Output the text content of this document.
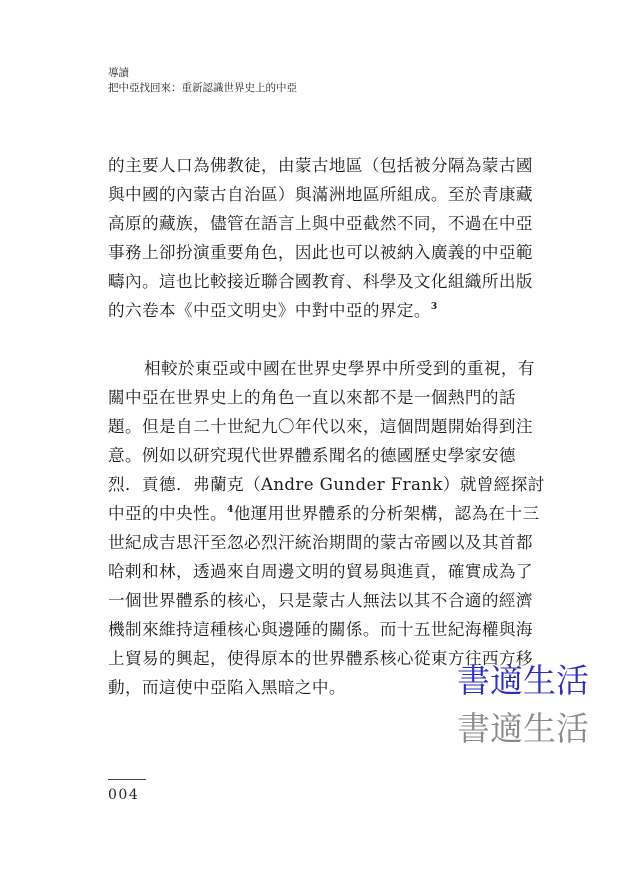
導讀
把中亞找回來：重新認識世界史上的中亞

的主要人口為佛教徒，由蒙古地區（包括被分隔為蒙古國與中國的內蒙古自治區）與滿洲地區所組成。至於青康藏高原的藏族，儘管在語言上與中亞截然不同，不過在中亞事務上卻扮演重要角色，因此也可以被納入廣義的中亞範疇內。這也比較接近聯合國教育、科學及文化組織所出版的六卷本《中亞文明史》中對中亞的界定。$^3$

相較於東亞或中國在世界史學界中所受到的重視，有關中亞在世界史上的角色一直以來都不是一個熱門的話題。但是自二十世紀九〇年代以來，這個問題開始得到注意。例如以研究現代世界體系聞名的德國歷史學家安德烈．貢德．弗蘭克（Andre Gunder Frank）就曾經探討中亞的中央性。$^4$他運用世界體系的分析架構，認為在十三世紀成吉思汗至忽必烈汗統治期間的蒙古帝國以及其首都哈剌和林，透過來自周邊文明的貿易與進貢，確實成為了一個世界體系的核心，只是蒙古人無法以其不合適的經濟機制來維持這種核心與邊陲的關係。而十五世紀海權與海上貿易的興起，使得原本的世界體系核心從東方往西方移動，而這使中亞陷入黑暗之中。

004
書適生活
書適生活
